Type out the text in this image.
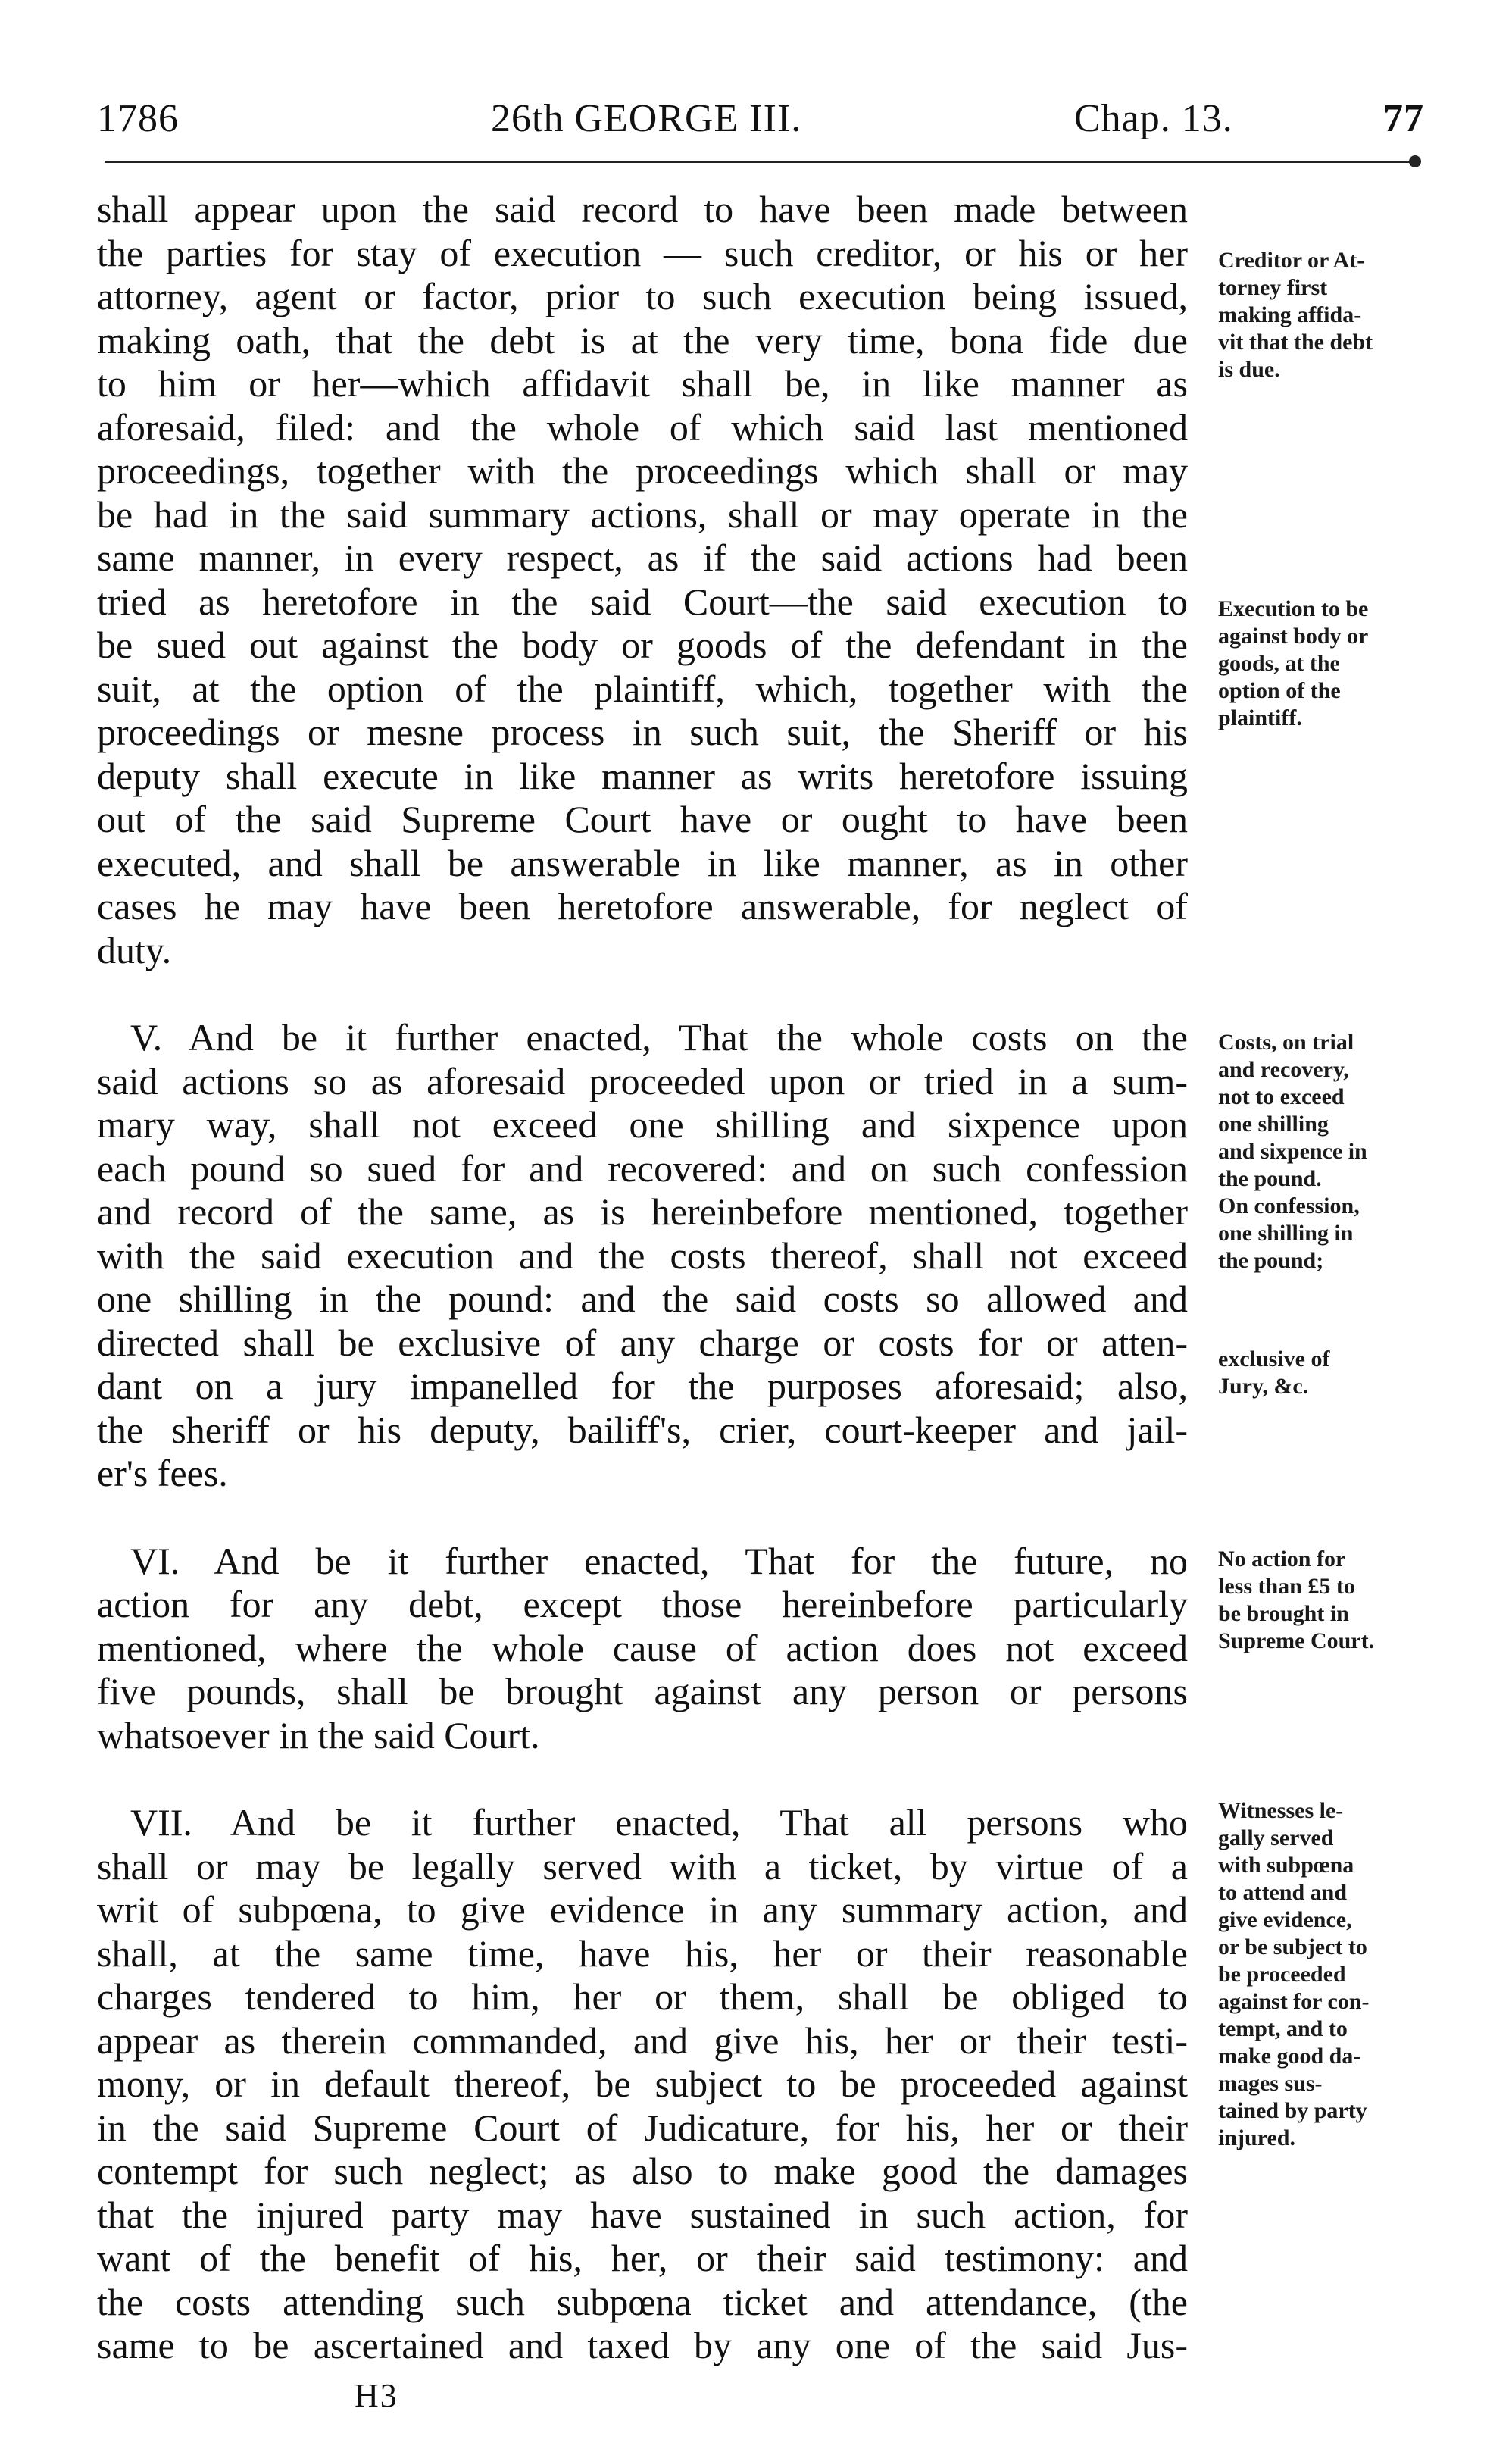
1786	26th GEORGE III.	Chap. 13.	77
shall appear upon the said record to have been made between
the parties for stay of execution — such creditor, or his or her
attorney, agent or factor, prior to such execution being issued,
making oath, that the debt is at the very time, bona fide due
to him or her—which affidavit shall be, in like manner as
aforesaid, filed: and the whole of which said last mentioned
proceedings, together with the proceedings which shall or may
be had in the said summary actions, shall or may operate in the
same manner, in every respect, as if the said actions had been
tried as heretofore in the said Court—the said execution to
be sued out against the body or goods of the defendant in the
suit, at the option of the plaintiff, which, together with the
proceedings or mesne process in such suit, the Sheriff or his
deputy shall execute in like manner as writs heretofore issuing
out of the said Supreme Court have or ought to have been
executed, and shall be answerable in like manner, as in other
cases he may have been heretofore answerable, for neglect of
duty.
V. And be it further enacted, That the whole costs on the
said actions so as aforesaid proceeded upon or tried in a sum-
mary way, shall not exceed one shilling and sixpence upon
each pound so sued for and recovered: and on such confession
and record of the same, as is hereinbefore mentioned, together
with the said execution and the costs thereof, shall not exceed
one shilling in the pound: and the said costs so allowed and
directed shall be exclusive of any charge or costs for or atten-
dant on a jury impanelled for the purposes aforesaid; also,
the sheriff or his deputy, bailiff's, crier, court-keeper and jail-
er's fees.
VI. And be it further enacted, That for the future, no
action for any debt, except those hereinbefore particularly
mentioned, where the whole cause of action does not exceed
five pounds, shall be brought against any person or persons
whatsoever in the said Court.
VII. And be it further enacted, That all persons who
shall or may be legally served with a ticket, by virtue of a
writ of subpœna, to give evidence in any summary action, and
shall, at the same time, have his, her or their reasonable
charges tendered to him, her or them, shall be obliged to
appear as therein commanded, and give his, her or their testi-
mony, or in default thereof, be subject to be proceeded against
in the said Supreme Court of Judicature, for his, her or their
contempt for such neglect; as also to make good the damages
that the injured party may have sustained in such action, for
want of the benefit of his, her, or their said testimony: and
the costs attending such subpœna ticket and attendance, (the
same to be ascertained and taxed by any one of the said Jus-
Creditor or At-
torney first
making affida-
vit that the debt
is due.
Execution to be
against body or
goods, at the
option of the
plaintiff.
Costs, on trial
and recovery,
not to exceed
one shilling
and sixpence in
the pound.
On confession,
one shilling in
the pound;
exclusive of
Jury, &c.
No action for
less than £5 to
be brought in
Supreme Court.
Witnesses le-
gally served
with subpœna
to attend and
give evidence,
or be subject to
be proceeded
against for con-
tempt, and to
make good da-
mages sus-
tained by party
injured.
H3
